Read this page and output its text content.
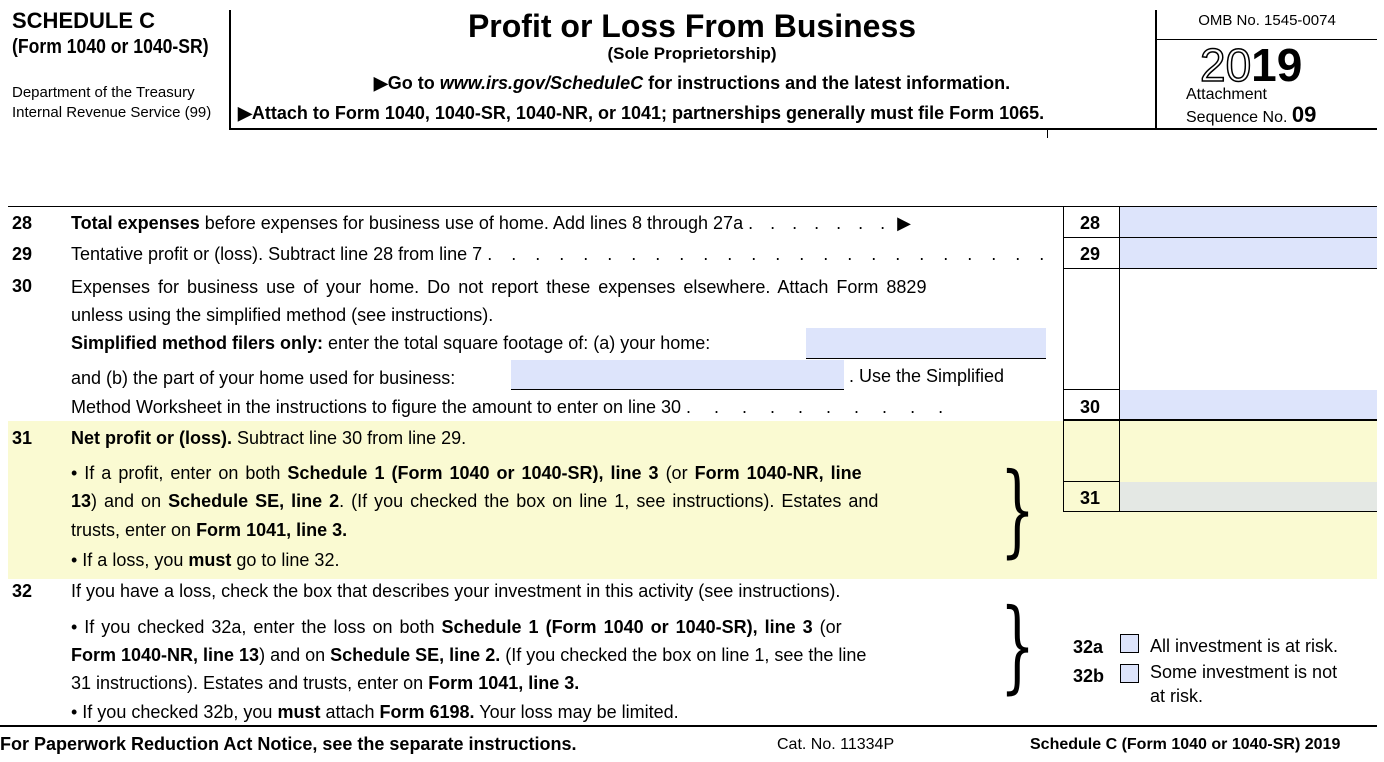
SCHEDULE C
(Form 1040 or 1040-SR)
Department of the Treasury
Internal Revenue Service (99)
Profit or Loss From Business
(Sole Proprietorship)
▶Go to www.irs.gov/ScheduleC for instructions and the latest information.
▶Attach to Form 1040, 1040-SR, 1040-NR, or 1041; partnerships generally must file Form 1065.
OMB No. 1545-0074
2019
Attachment
Sequence No. 09
28 Total expenses before expenses for business use of home. Add lines 8 through 27a . . . . . . . ▶	28
29 Tentative profit or (loss). Subtract line 28 from line 7 . . . . . . . . . . . . . . . . . . . . . . . . 29
30 Expenses for business use of your home. Do not report these expenses elsewhere. Attach Form 8829
unless using the simplified method (see instructions).
Simplified method filers only: enter the total square footage of: (a) your home:
and (b) the part of your home used for business:	. Use the Simplified
Method Worksheet in the instructions to figure the amount to enter on line 30 . . . . . . . . . .	30
31 Net profit or (loss). Subtract line 30 from line 29.
• If a profit, enter on both Schedule 1 (Form 1040 or 1040-SR), line 3 (or Form 1040-NR, line
13) and on Schedule SE, line 2. (If you checked the box on line 1, see instructions). Estates and
trusts, enter on Form 1041, line 3.
• If a loss, you must go to line 32.	}	31
32 If you have a loss, check the box that describes your investment in this activity (see instructions).
• If you checked 32a, enter the loss on both Schedule 1 (Form 1040 or 1040-SR), line 3 (or
Form 1040-NR, line 13) and on Schedule SE, line 2. (If you checked the box on line 1, see the line
31 instructions). Estates and trusts, enter on Form 1041, line 3.
• If you checked 32b, you must attach Form 6198. Your loss may be limited.
} 32a	All investment is at risk.
32b	Some investment is not
at risk.
For Paperwork Reduction Act Notice, see the separate instructions.	Cat. No. 11334P	Schedule C (Form 1040 or 1040-SR) 2019
